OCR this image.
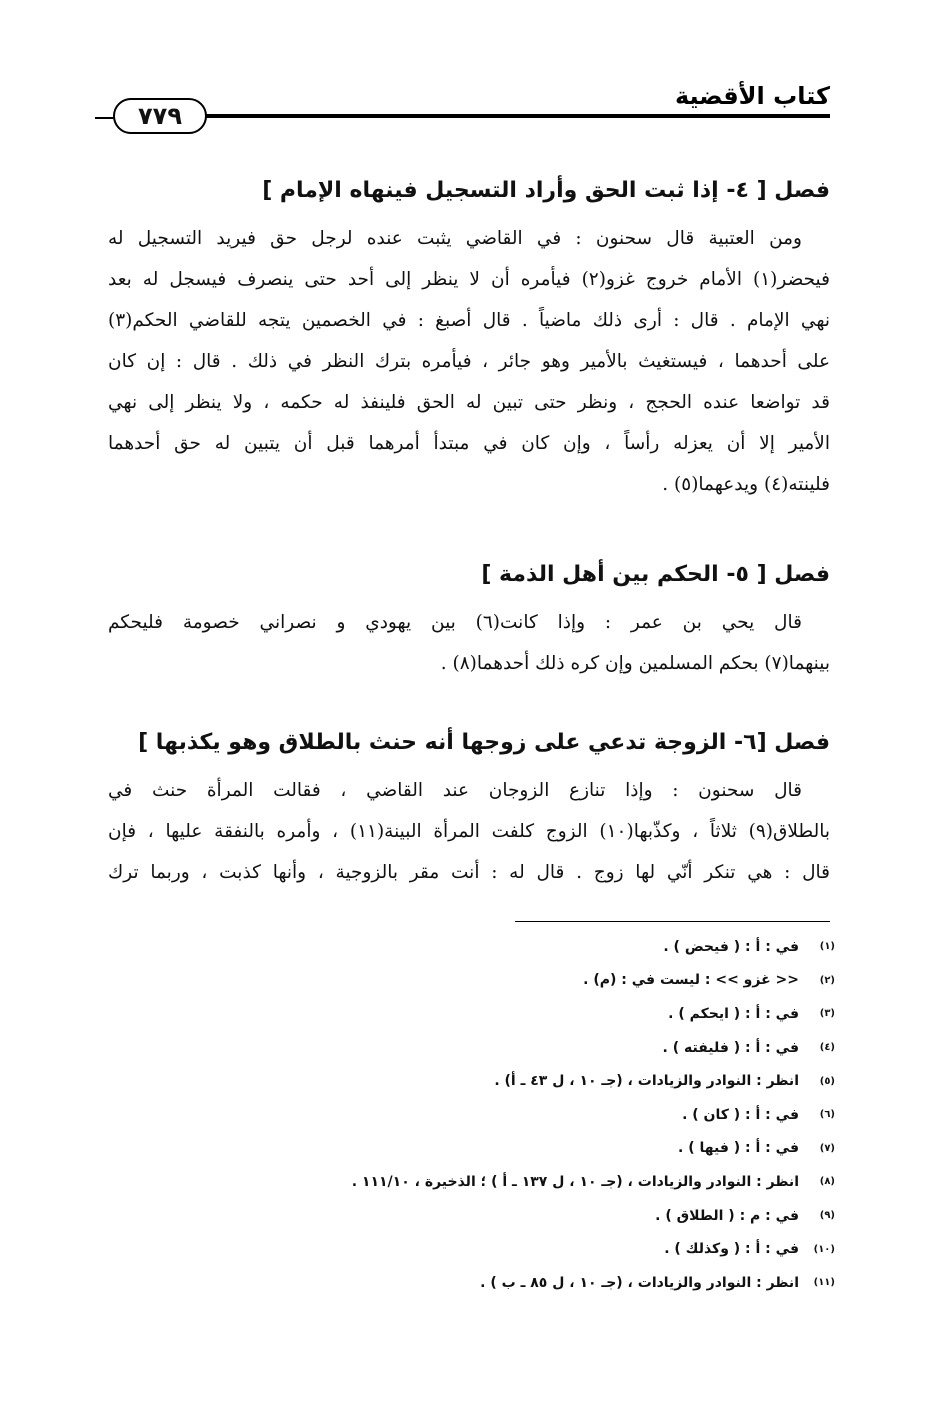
كتاب الأقضية
٧٧٩
فصل [ ٤- إذا ثبت الحق وأراد التسجيل فينهاه الإمام ]
ومن العتبية قال سحنون : في القاضي يثبت عنده لرجل حق فيريد التسجيل له
فيحضر(١) الأمام خروج غزو(٢) فيأمره أن لا ينظر إلى أحد حتى ينصرف فيسجل له بعد
نهي الإمام . قال : أرى ذلك ماضياً . قال أصبغ : في الخصمين يتجه للقاضي الحكم(٣)
على أحدهما ، فيستغيث بالأمير وهو جائر ، فيأمره بترك النظر في ذلك . قال : إن كان
قد تواضعا عنده الحجج ، ونظر حتى تبين له الحق فلينفذ له حكمه ، ولا ينظر إلى نهي
الأمير إلا أن يعزله رأساً ، وإن كان في مبتدأ أمرهما قبل أن يتبين له حق أحدهما
فلينته(٤) ويدعهما(٥) .
فصل [ ٥- الحكم بين أهل الذمة ]
قال يحي بن عمر : وإذا كانت(٦) بين يهودي و نصراني خصومة فليحكم
بينهما(٧) بحكم المسلمين وإن كره ذلك أحدهما(٨) .
فصل [٦- الزوجة تدعي على زوجها أنه حنث بالطلاق وهو يكذبها ]
قال سحنون : وإذا تنازع الزوجان عند القاضي ، فقالت المرأة حنث في
بالطلاق(٩) ثلاثاً ، وكذّبها(١٠) الزوج كلفت المرأة البينة(١١) ، وأمره بالنفقة عليها ، فإن
قال : هي تنكر أنّي لها زوج . قال له : أنت مقر بالزوجية ، وأنها كذبت ، وربما ترك
(١)
في : أ : ( فيحض ) .
(٢)
<< غزو >> : ليست في : (م) .
(٣)
في : أ : ( ايحكم ) .
(٤)
في : أ : ( فليفته ) .
(٥)
انظر : النوادر والزيادات ، (جـ ١٠ ، ل ٤٣ ـ أ) .
(٦)
في : أ : ( كان ) .
(٧)
في : أ : ( فيها ) .
(٨)
انظر : النوادر والزيادات ، (جـ ١٠ ، ل ١٣٧ ـ أ ) ؛ الذخيرة ، ١١١/١٠ .
(٩)
في : م : ( الطلاق ) .
(١٠)
في : أ : ( وكذلك ) .
(١١)
انظر : النوادر والزيادات ، (جـ ١٠ ، ل ٨٥ ـ ب ) .
